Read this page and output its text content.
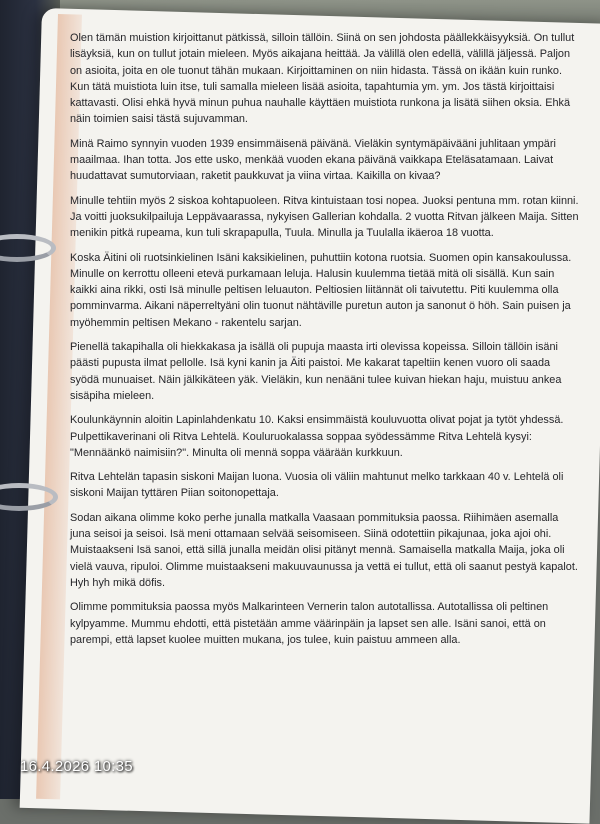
Olen tämän muistion kirjoittanut pätkissä, silloin tällöin. Siinä on sen johdosta päällekkäisyyksiä. On tullut lisäyksiä, kun on tullut jotain mieleen. Myös aikajana heittää. Ja välillä olen edellä, välillä jäljessä. Paljon on asioita, joita en ole tuonut tähän mukaan. Kirjoittaminen on niin hidasta. Tässä on ikään kuin runko. Kun tätä muistiota luin itse, tuli samalla mieleen lisää asioita, tapahtumia ym. ym. Jos tästä kirjoittaisi kattavasti. Olisi ehkä hyvä minun puhua nauhalle käyttäen muistiota runkona ja lisätä siihen oksia. Ehkä näin toimien saisi tästä sujuvamman.

Minä Raimo synnyin vuoden 1939 ensimmäisenä päivänä. Vieläkin syntymäpäivääni juhlitaan ympäri maailmaa. Ihan totta. Jos ette usko, menkää vuoden ekana päivänä vaikkapa Eteläsatamaan. Laivat huudattavat sumutorviaan, raketit paukkuvat ja viina virtaa. Kaikilla on kivaa?

Minulle tehtiin myös 2 siskoa kohtapuoleen. Ritva kintuistaan tosi nopea. Juoksi pentuna mm. rotan kiinni. Ja voitti juoksukilpailuja Leppävaarassa, nykyisen Gallerian kohdalla. 2 vuotta Ritvan jälkeen Maija. Sitten menikin pitkä rupeama, kun tuli skrapapulla, Tuula. Minulla ja Tuulalla ikäeroa 18 vuotta.

Koska Äitini oli ruotsinkielinen Isäni kaksikielinen, puhuttiin kotona ruotsia. Suomen opin kansakoulussa. Minulle on kerrottu olleeni etevä purkamaan leluja. Halusin kuulemma tietää mitä oli sisällä. Kun sain kaikki aina rikki, osti Isä minulle peltisen leluauton. Peltiosien liitännät oli taivutettu. Piti kuulemma olla pomminvarma. Aikani näperreltyäni olin tuonut nähtäville puretun auton ja sanonut ö höh. Sain puisen ja myöhemmin peltisen Mekano - rakentelu sarjan.

Pienellä takapihalla oli hiekkakasa ja isällä oli pupuja maasta irti olevissa kopeissa. Silloin tällöin isäni päästi pupusta ilmat pellolle. Isä kyni kanin ja Äiti paistoi. Me kakarat tapeltiin kenen vuoro oli saada syödä munuaiset. Näin jälkikäteen yäk. Vieläkin, kun nenääni tulee kuivan hiekan haju, muistuu ankea sisäpiha mieleen.

Koulunkäynnin aloitin Lapinlahdenkatu 10. Kaksi ensimmäistä kouluvuotta olivat pojat ja tytöt yhdessä. Pulpettikaverinani oli Ritva Lehtelä. Kouluruokalassa soppaa syödessämme Ritva Lehtelä kysyi: "Mennäänkö naimisiin?". Minulta oli mennä soppa väärään kurkkuun.

Ritva Lehtelän tapasin siskoni Maijan luona. Vuosia oli väliin mahtunut melko tarkkaan 40 v. Lehtelä oli siskoni Maijan tyttären Piian soitonopettaja.

Sodan aikana olimme koko perhe junalla matkalla Vaasaan pommituksia paossa. Riihimäen asemalla juna seisoi ja seisoi. Isä meni ottamaan selvää seisomiseen. Siinä odotettiin pikajunaa, joka ajoi ohi. Muistaakseni Isä sanoi, että sillä junalla meidän olisi pitänyt mennä. Samaisella matkalla Maija, joka oli vielä vauva, ripuloi. Olimme muistaakseni makuuvaunussa ja vettä ei tullut, että oli saanut pestyä kapalot. Hyh hyh mikä döfis.

Olimme pommituksia paossa myös Malkarinteen Vernerin talon autotallissa. Autotallissa oli peltinen kylpyamme. Mummu ehdotti, että pistetään amme väärinpäin ja lapset sen alle. Isäni sanoi, että on parempi, että lapset kuolee muitten mukana, jos tulee, kuin paistuu ammeen alla.

16.4.2026 10:35
